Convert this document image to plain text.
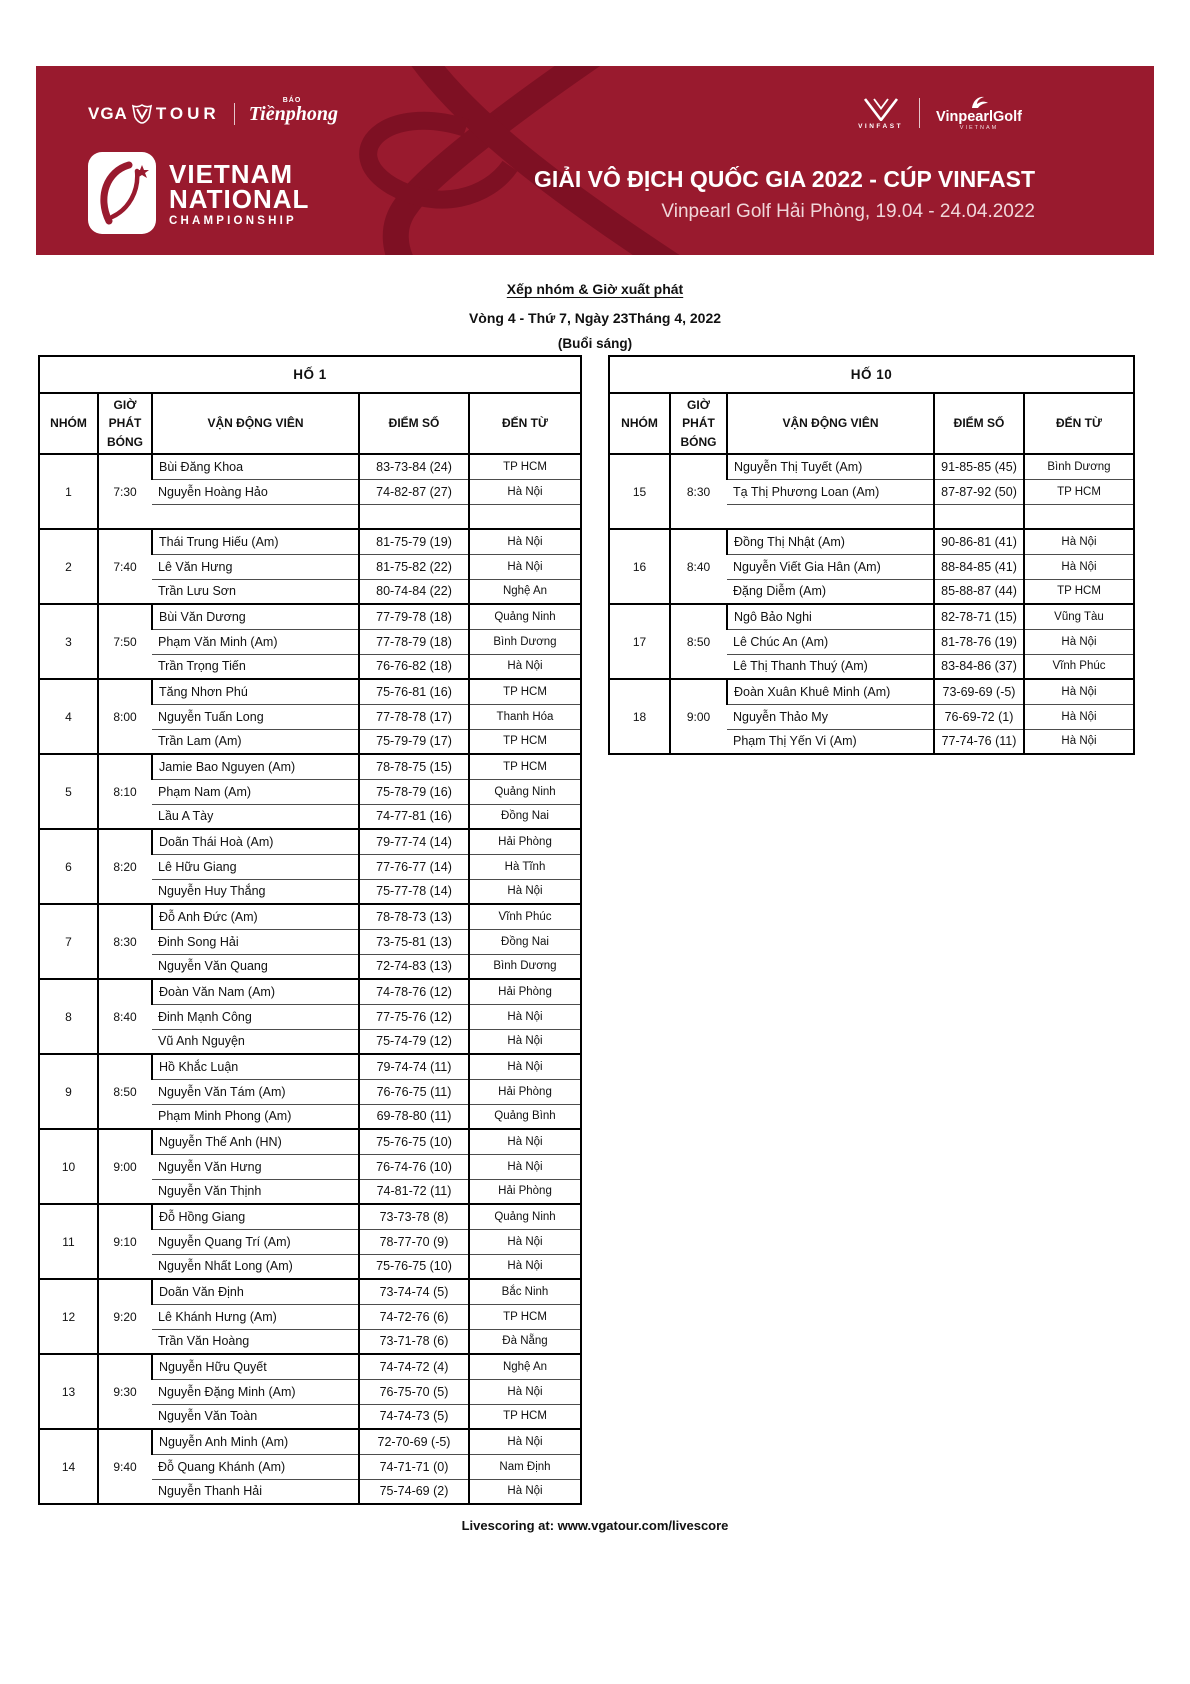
VGA TOUR
BÁO
Tiềnphong
VIETNAM
NATIONAL
CHAMPIONSHIP
VINFAST
VinpearlGolf
VIETNAM
GIẢI VÔ ĐỊCH QUỐC GIA 2022 - CÚP VINFAST
Vinpearl Golf Hải Phòng, 19.04 - 24.04.2022
Xếp nhóm & Giờ xuất phát
Vòng 4 - Thứ 7, Ngày 23Tháng 4, 2022
(Buổi sáng)
HỐ 1				
NHÓM	GIỜ PHÁT BÓNG	VẬN ĐỘNG VIÊN	ĐIỂM SỐ	ĐẾN TỪ
1	7:30	Bùi Đăng Khoa	83-73-84 (24)	TP HCM
		Nguyễn Hoàng Hảo	74-82-87 (27)	Hà Nội

2	7:40	Thái Trung Hiếu (Am)	81-75-79 (19)	Hà Nội
		Lê Văn Hưng	81-75-82 (22)	Hà Nội
		Trần Lưu Sơn	80-74-84 (22)	Nghệ An
3	7:50	Bùi Văn Dương	77-79-78 (18)	Quảng Ninh
		Phạm Văn Minh (Am)	77-78-79 (18)	Bình Dương
		Trần Trọng Tiến	76-76-82 (18)	Hà Nội
4	8:00	Tăng Nhơn Phú	75-76-81 (16)	TP HCM
		Nguyễn Tuấn Long	77-78-78 (17)	Thanh Hóa
		Trần Lam (Am)	75-79-79 (17)	TP HCM
5	8:10	Jamie Bao Nguyen (Am)	78-78-75 (15)	TP HCM
		Phạm Nam (Am)	75-78-79 (16)	Quảng Ninh
		Lầu A Tày	74-77-81 (16)	Đồng Nai
6	8:20	Doãn Thái Hoà (Am)	79-77-74 (14)	Hải Phòng
		Lê Hữu Giang	77-76-77 (14)	Hà Tĩnh
		Nguyễn Huy Thắng	75-77-78 (14)	Hà Nội
7	8:30	Đỗ Anh Đức (Am)	78-78-73 (13)	Vĩnh Phúc
		Đinh Song Hải	73-75-81 (13)	Đồng Nai
		Nguyễn Văn Quang	72-74-83 (13)	Bình Dương
8	8:40	Đoàn Văn Nam (Am)	74-78-76 (12)	Hải Phòng
		Đinh Mạnh Công	77-75-76 (12)	Hà Nội
		Vũ Anh Nguyện	75-74-79 (12)	Hà Nội
9	8:50	Hồ Khắc Luận	79-74-74 (11)	Hà Nội
		Nguyễn Văn Tám (Am)	76-76-75 (11)	Hải Phòng
		Phạm Minh Phong (Am)	69-78-80 (11)	Quảng Bình
10	9:00	Nguyễn Thế Anh (HN)	75-76-75 (10)	Hà Nội
		Nguyễn Văn Hưng	76-74-76 (10)	Hà Nội
		Nguyễn Văn Thịnh	74-81-72 (11)	Hải Phòng
11	9:10	Đỗ Hồng Giang	73-73-78 (8)	Quảng Ninh
		Nguyễn Quang Trí (Am)	78-77-70 (9)	Hà Nội
		Nguyễn Nhất Long (Am)	75-76-75 (10)	Hà Nội
12	9:20	Doãn Văn Định	73-74-74 (5)	Bắc Ninh
		Lê Khánh Hưng (Am)	74-72-76 (6)	TP HCM
		Trần Văn Hoàng	73-71-78 (6)	Đà Nẵng
13	9:30	Nguyễn Hữu Quyết	74-74-72 (4)	Nghệ An
		Nguyễn Đặng Minh (Am)	76-75-70 (5)	Hà Nội
		Nguyễn Văn Toàn	74-74-73 (5)	TP HCM
14	9:40	Nguyễn Anh Minh (Am)	72-70-69 (-5)	Hà Nội
		Đỗ Quang Khánh (Am)	74-71-71 (0)	Nam Định
		Nguyễn Thanh Hải	75-74-69 (2)	Hà Nội
HỐ 10				
NHÓM	GIỜ PHÁT BÓNG	VẬN ĐỘNG VIÊN	ĐIỂM SỐ	ĐẾN TỪ
15	8:30	Nguyễn Thị Tuyết (Am)	91-85-85 (45)	Bình Dương
		Tạ Thị Phương Loan (Am)	87-87-92 (50)	TP HCM

16	8:40	Đồng Thị Nhật (Am)	90-86-81 (41)	Hà Nội
		Nguyễn Viết Gia Hân (Am)	88-84-85 (41)	Hà Nội
		Đặng Diễm (Am)	85-88-87 (44)	TP HCM
17	8:50	Ngô Bảo Nghi	82-78-71 (15)	Vũng Tàu
		Lê Chúc An (Am)	81-78-76 (19)	Hà Nội
		Lê Thị Thanh Thuý (Am)	83-84-86 (37)	Vĩnh Phúc
18	9:00	Đoàn Xuân Khuê Minh (Am)	73-69-69 (-5)	Hà Nội
		Nguyễn Thảo My	76-69-72 (1)	Hà Nội
		Phạm Thị Yến Vi (Am)	77-74-76 (11)	Hà Nội
Livescoring at: www.vgatour.com/livescore
